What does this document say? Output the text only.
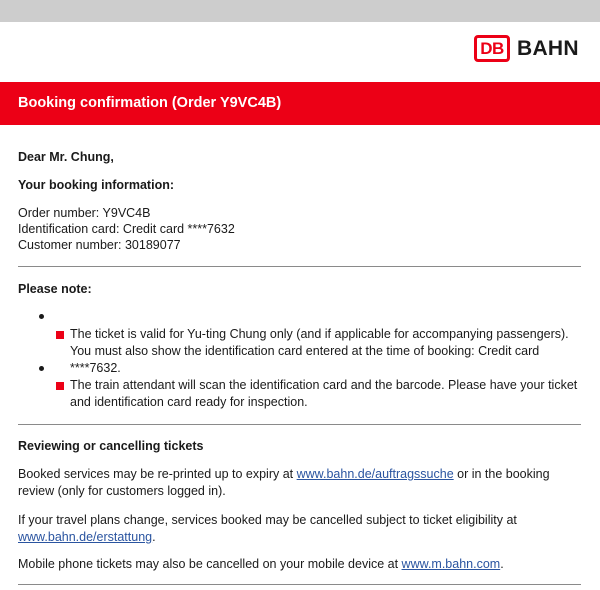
DB BAHN
Booking confirmation (Order Y9VC4B)
Dear Mr. Chung,
Your booking information:
Order number: Y9VC4B
Identification card: Credit card ****7632
Customer number: 30189077
Please note:
The ticket is valid for Yu-ting Chung only (and if applicable for accompanying passengers). You must also show the identification card entered at the time of booking: Credit card ****7632.
The train attendant will scan the identification card and the barcode. Please have your ticket and identification card ready for inspection.
Reviewing or cancelling tickets
Booked services may be re-printed up to expiry at www.bahn.de/auftragssuche or in the booking review (only for customers logged in).
If your travel plans change, services booked may be cancelled subject to ticket eligibility at www.bahn.de/erstattung.
Mobile phone tickets may also be cancelled on your mobile device at www.m.bahn.com.
